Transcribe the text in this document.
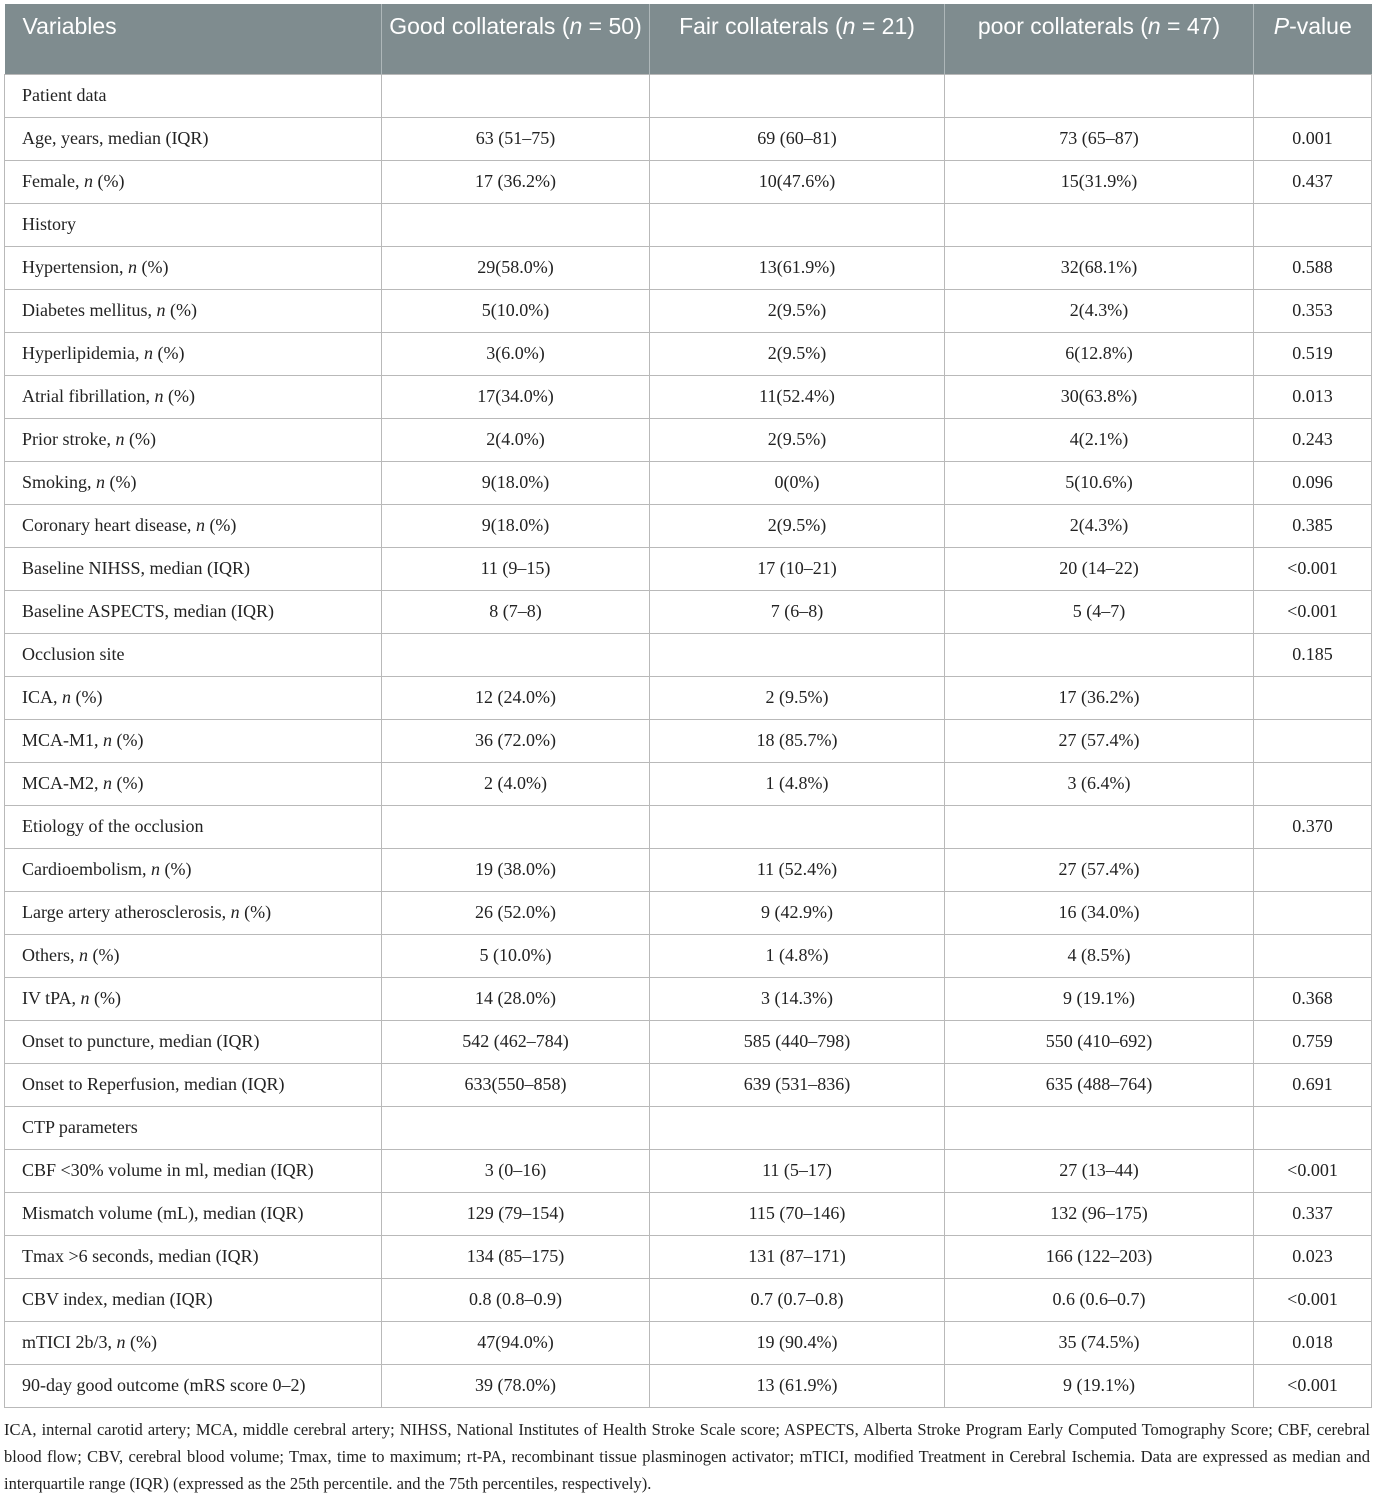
Variables	Good collaterals (n = 50)	Fair collaterals (n = 21)	poor collaterals (n = 47)	P-value
Patient data				
Age, years, median (IQR)	63 (51–75)	69 (60–81)	73 (65–87)	0.001
Female, n (%)	17 (36.2%)	10(47.6%)	15(31.9%)	0.437
History				
Hypertension, n (%)	29(58.0%)	13(61.9%)	32(68.1%)	0.588
Diabetes mellitus, n (%)	5(10.0%)	2(9.5%)	2(4.3%)	0.353
Hyperlipidemia, n (%)	3(6.0%)	2(9.5%)	6(12.8%)	0.519
Atrial fibrillation, n (%)	17(34.0%)	11(52.4%)	30(63.8%)	0.013
Prior stroke, n (%)	2(4.0%)	2(9.5%)	4(2.1%)	0.243
Smoking, n (%)	9(18.0%)	0(0%)	5(10.6%)	0.096
Coronary heart disease, n (%)	9(18.0%)	2(9.5%)	2(4.3%)	0.385
Baseline NIHSS, median (IQR)	11 (9–15)	17 (10–21)	20 (14–22)	<0.001
Baseline ASPECTS, median (IQR)	8 (7–8)	7 (6–8)	5 (4–7)	<0.001
Occlusion site				0.185
ICA, n (%)	12 (24.0%)	2 (9.5%)	17 (36.2%)	
MCA-M1, n (%)	36 (72.0%)	18 (85.7%)	27 (57.4%)	
MCA-M2, n (%)	2 (4.0%)	1 (4.8%)	3 (6.4%)	
Etiology of the occlusion				0.370
Cardioembolism, n (%)	19 (38.0%)	11 (52.4%)	27 (57.4%)	
Large artery atherosclerosis, n (%)	26 (52.0%)	9 (42.9%)	16 (34.0%)	
Others, n (%)	5 (10.0%)	1 (4.8%)	4 (8.5%)	
IV tPA, n (%)	14 (28.0%)	3 (14.3%)	9 (19.1%)	0.368
Onset to puncture, median (IQR)	542 (462–784)	585 (440–798)	550 (410–692)	0.759
Onset to Reperfusion, median (IQR)	633(550–858)	639 (531–836)	635 (488–764)	0.691
CTP parameters				
CBF <30% volume in ml, median (IQR)	3 (0–16)	11 (5–17)	27 (13–44)	<0.001
Mismatch volume (mL), median (IQR)	129 (79–154)	115 (70–146)	132 (96–175)	0.337
Tmax >6 seconds, median (IQR)	134 (85–175)	131 (87–171)	166 (122–203)	0.023
CBV index, median (IQR)	0.8 (0.8–0.9)	0.7 (0.7–0.8)	0.6 (0.6–0.7)	<0.001
mTICI 2b/3, n (%)	47(94.0%)	19 (90.4%)	35 (74.5%)	0.018
90-day good outcome (mRS score 0–2)	39 (78.0%)	13 (61.9%)	9 (19.1%)	<0.001
ICA, internal carotid artery; MCA, middle cerebral artery; NIHSS, National Institutes of Health Stroke Scale score; ASPECTS, Alberta Stroke Program Early Computed Tomography Score; CBF, cerebral blood flow; CBV, cerebral blood volume; Tmax, time to maximum; rt-PA, recombinant tissue plasminogen activator; mTICI, modified Treatment in Cerebral Ischemia. Data are expressed as median and interquartile range (IQR) (expressed as the 25th percentile. and the 75th percentiles, respectively).
